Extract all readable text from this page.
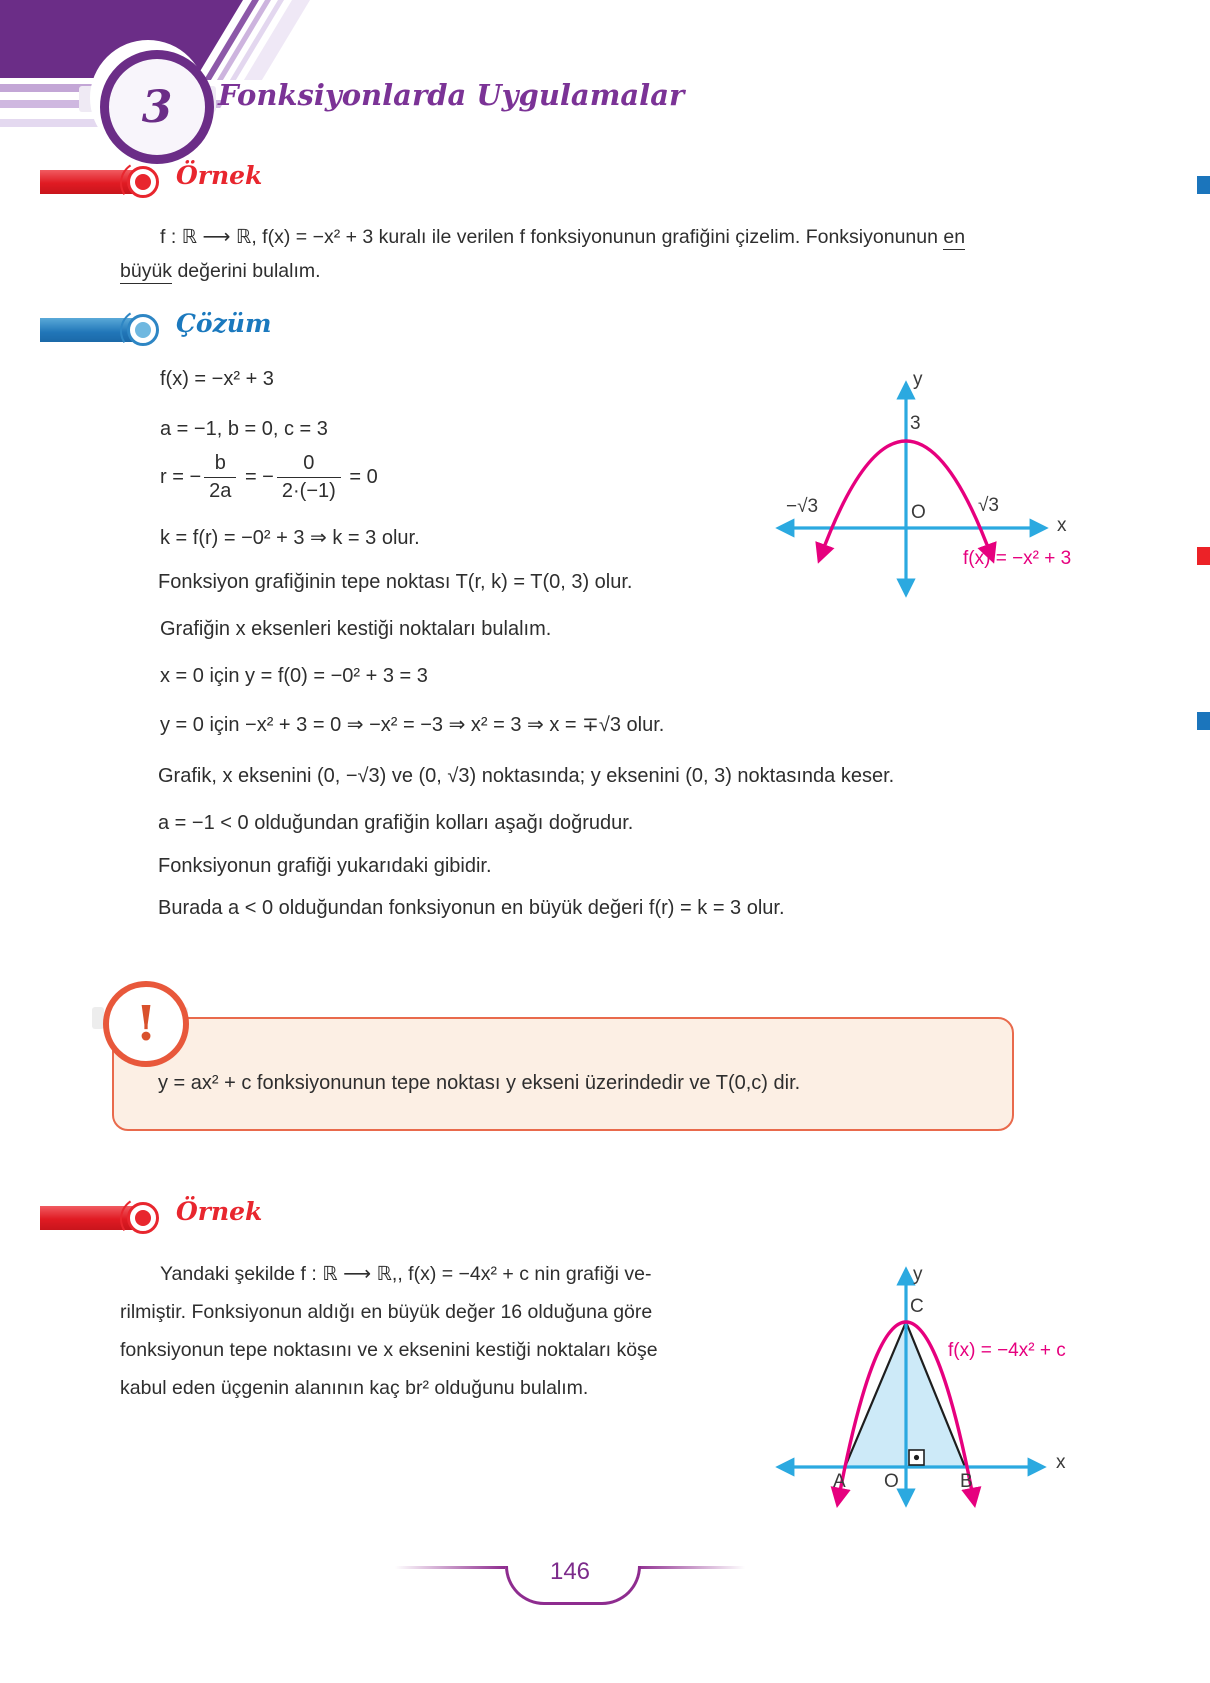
3 Fonksiyonlarda Uygulamalar
Örnek
f : ℝ ⟶ ℝ, f(x) = −x² + 3 kuralı ile verilen f fonksiyonunun grafiğini çizelim. Fonksiyonunun en
büyük değerini bulalım.
Çözüm
f(x) = −x² + 3
a = −1, b = 0, c = 3
r = − $\frac{b}{2a}$ = − $\frac{0}{2\cdot(-1)} = 0$
k = f(r) = −0² + 3 ⇒ k = 3 olur.
Fonksiyon grafiğinin tepe noktası T(r, k) = T(0, 3) olur.
Grafiğin x eksenleri kestiği noktaları bulalım.
x = 0 için y = f(0) = −0² + 3 = 3
y = 0 için −x² + 3 = 0 ⇒ −x² = −3 ⇒ x² = 3 ⇒ x = ∓√3 olur.
Grafik, x eksenini (0, −√3) ve (0, √3) noktasında; y eksenini (0, 3) noktasında keser.
a = −1 < 0 olduğundan grafiğin kolları aşağı doğrudur.
Fonksiyonun grafiği yukarıdaki gibidir.
Burada a < 0 olduğundan fonksiyonun en büyük değeri f(r) = k = 3 olur.
y
3
−√3	O	√3
x
f(x) = −x² + 3
!
y = ax² + c fonksiyonunun tepe noktası y ekseni üzerindedir ve T(0,c) dir.
Örnek
Yandaki şekilde f : ℝ ⟶ ℝ,, f(x) = −4x² + c nin grafiği ve-
rilmiştir. Fonksiyonun aldığı en büyük değer 16 olduğuna göre
fonksiyonun tepe noktasını ve x eksenini kestiği noktaları köşe
kabul eden üçgenin alanının kaç br² olduğunu bulalım.
y
C
f(x) = −4x² + c
A O	B
x
146
